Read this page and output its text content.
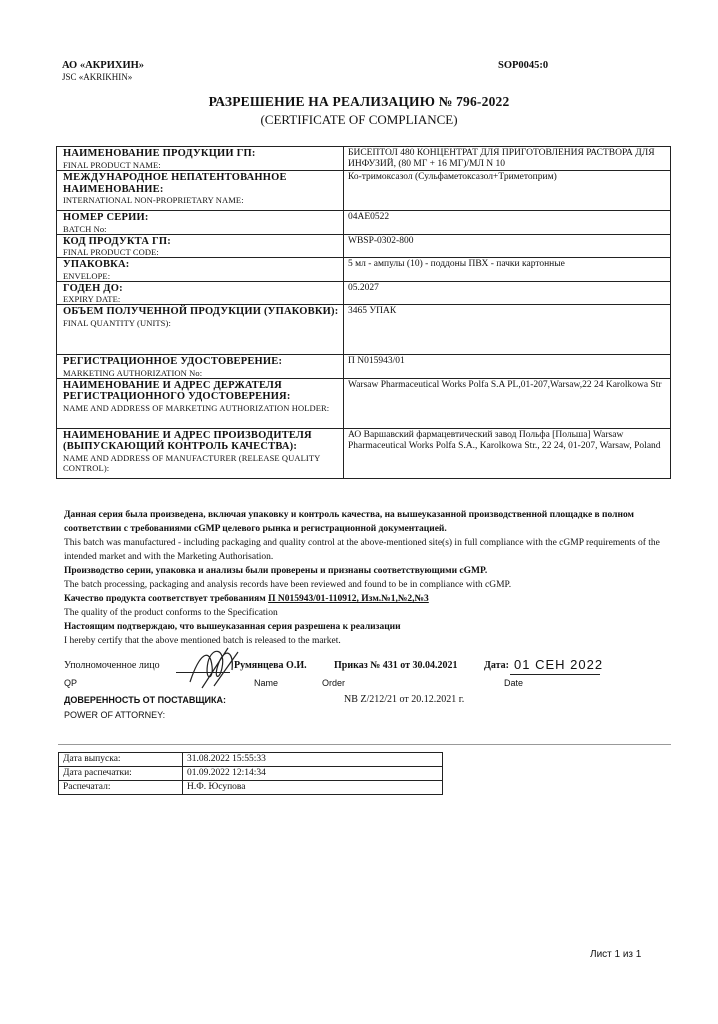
АО «АКРИХИН»
JSC «AKRIKHIN»
SOP0045:0
РАЗРЕШЕНИЕ НА РЕАЛИЗАЦИЮ № 796-2022
(CERTIFICATE OF COMPLIANCE)
НАИМЕНОВАНИЕ ПРОДУКЦИИ ГП:
FINAL PRODUCT NAME:	БИСЕПТОЛ 480 КОНЦЕНТРАТ ДЛЯ ПРИГОТОВЛЕНИЯ РАСТВОРА ДЛЯ ИНФУЗИЙ, (80 МГ + 16 МГ)/МЛ N 10

МЕЖДУНАРОДНОЕ НЕПАТЕНТОВАННОЕ НАИМЕНОВАНИЕ:
INTERNATIONAL NON-PROPRIETARY NAME:	Ко-тримоксазол (Сульфаметоксазол+Триметоприм)

НОМЕР СЕРИИ:
BATCH No:	04AE0522

КОД ПРОДУКТА ГП:
FINAL PRODUCT CODE:	WBSP-0302-800

УПАКОВКА:
ENVELOPE:	5 мл - ампулы (10) - поддоны ПВХ - пачки картонные

ГОДЕН ДО:
EXPIRY DATE:	05.2027

ОБЪЕМ ПОЛУЧЕННОЙ ПРОДУКЦИИ (УПАКОВКИ):
FINAL QUANTITY (UNITS):	3465 УПАК

РЕГИСТРАЦИОННОЕ УДОСТОВЕРЕНИЕ:
MARKETING AUTHORIZATION No:	П N015943/01

НАИМЕНОВАНИЕ И АДРЕС ДЕРЖАТЕЛЯ РЕГИСТРАЦИОННОГО УДОСТОВЕРЕНИЯ:
NAME AND ADDRESS OF MARKETING AUTHORIZATION HOLDER:	Warsaw Pharmaceutical Works Polfa S.A PL,01-207,Warsaw,22 24 Karolkowa Str

НАИМЕНОВАНИЕ И АДРЕС ПРОИЗВОДИТЕЛЯ (ВЫПУСКАЮЩИЙ КОНТРОЛЬ КАЧЕСТВА):
NAME AND ADDRESS OF MANUFACTURER (RELEASE QUALITY CONTROL):	АО Варшавский фармацевтический завод Польфа [Польша] Warsaw Pharmaceutical Works Polfa S.A., Karolkowa Str., 22 24, 01-207, Warsaw, Poland
Данная серия была произведена, включая упаковку и контроль качества, на вышеуказанной производственной площадке в полном соответствии с требованиями cGMP целевого рынка и регистрационной документацией.
This batch was manufactured - including packaging and quality control at the above-mentioned site(s) in full compliance with the cGMP requirements of the intended market and with the Marketing Authorisation.
Производство серии, упаковка и анализы были проверены и признаны соответствующими cGMP.
The batch processing, packaging and analysis records have been reviewed and found to be in compliance with cGMP.
Качество продукта соответствует требованиям П N015943/01-110912, Изм.№1,№2,№3
The quality of the product conforms to the Specification
Настоящим подтверждаю, что вышеуказанная серия разрешена к реализации
I hereby certify that the above mentioned batch is released to the market.
Уполномоченное лицо	Румянцева О.И.	Приказ № 431 от 30.04.2021	Дата: 01 СЕН 2022
QP	Name	Order	Date
ДОВЕРЕННОСТЬ ОТ ПОСТАВЩИКА:	NB Z/212/21 от 20.12.2021 г.
POWER OF ATTORNEY:
Дата выпуска:	31.08.2022 15:55:33
Дата распечатки:	01.09.2022 12:14:34
Распечатал:	Н.Ф. Юсупова
Лист 1 из 1
